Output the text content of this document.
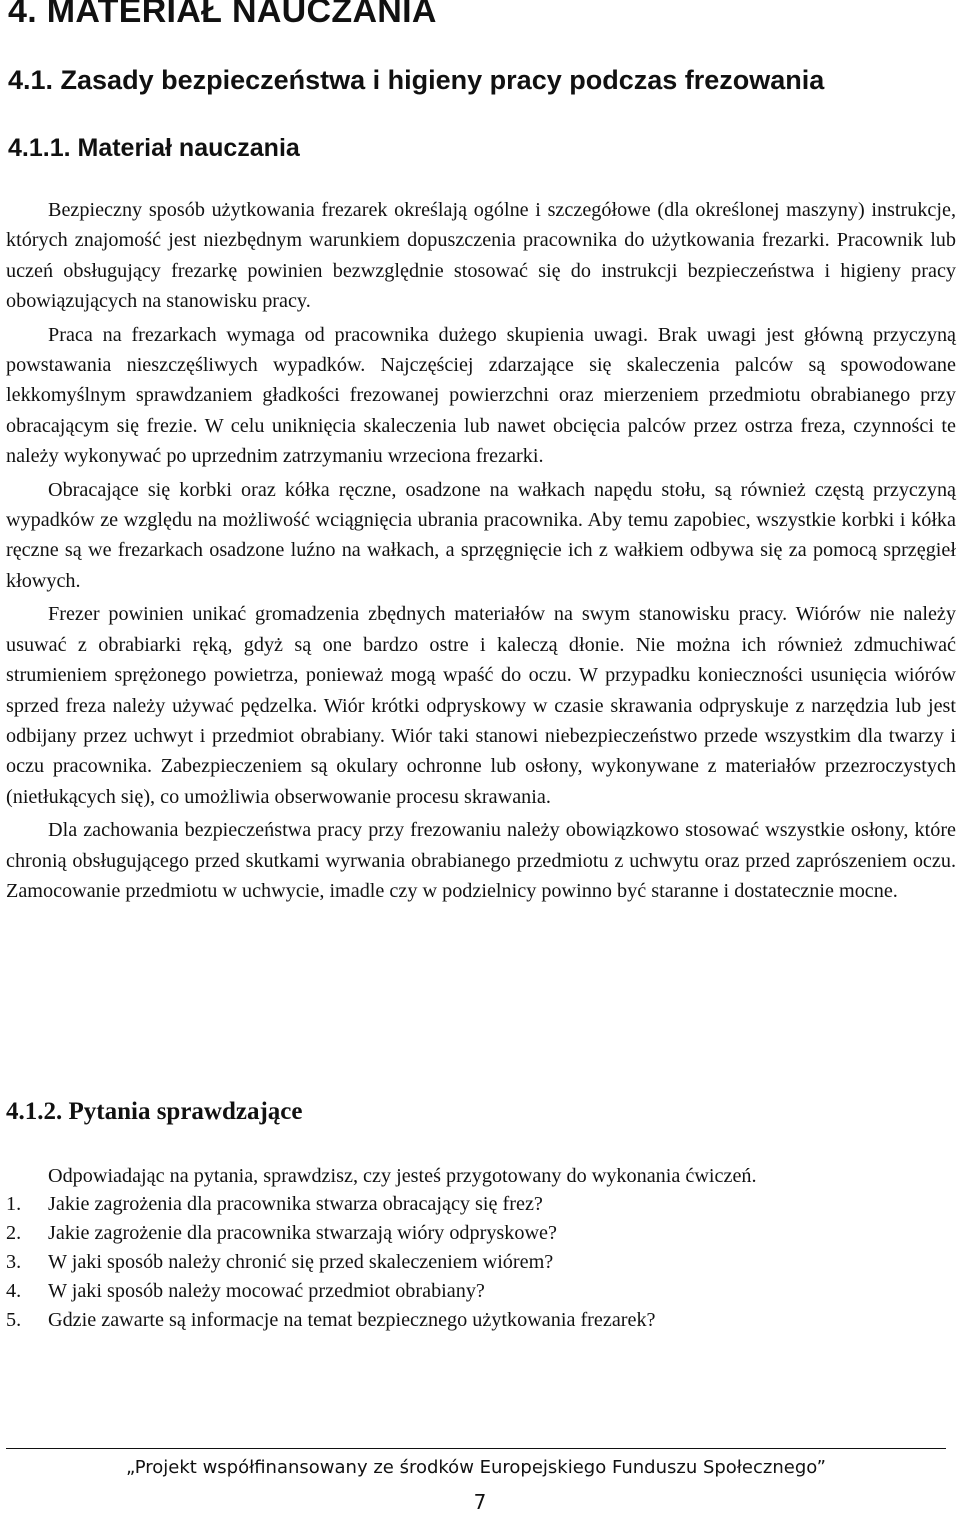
4. MATERIAŁ NAUCZANIA
4.1. Zasady bezpieczeństwa i higieny pracy podczas frezowania
4.1.1. Materiał nauczania

Bezpieczny sposób użytkowania frezarek określają ogólne i szczegółowe (dla określonej maszyny) instrukcje, których znajomość jest niezbędnym warunkiem dopuszczenia pracownika do użytkowania frezarki. Pracownik lub uczeń obsługujący frezarkę powinien bezwzględnie stosować się do instrukcji bezpieczeństwa i higieny pracy obowiązujących na stanowisku pracy.

Praca na frezarkach wymaga od pracownika dużego skupienia uwagi. Brak uwagi jest główną przyczyną powstawania nieszczęśliwych wypadków. Najczęściej zdarzające się skaleczenia palców są spowodowane lekkomyślnym sprawdzaniem gładkości frezowanej powierzchni oraz mierzeniem przedmiotu obrabianego przy obracającym się frezie. W celu uniknięcia skaleczenia lub nawet obcięcia palców przez ostrza freza, czynności te należy wykonywać po uprzednim zatrzymaniu wrzeciona frezarki.

Obracające się korbki oraz kółka ręczne, osadzone na wałkach napędu stołu, są również częstą przyczyną wypadków ze względu na możliwość wciągnięcia ubrania pracownika. Aby temu zapobiec, wszystkie korbki i kółka ręczne są we frezarkach osadzone luźno na wałkach, a sprzęgnięcie ich z wałkiem odbywa się za pomocą sprzęgieł kłowych.

Frezer powinien unikać gromadzenia zbędnych materiałów na swym stanowisku pracy. Wiórów nie należy usuwać z obrabiarki ręką, gdyż są one bardzo ostre i kaleczą dłonie. Nie można ich również zdmuchiwać strumieniem sprężonego powietrza, ponieważ mogą wpaść do oczu. W przypadku konieczności usunięcia wiórów sprzed freza należy używać pędzelka. Wiór krótki odpryskowy w czasie skrawania odpryskuje z narzędzia lub jest odbijany przez uchwyt i przedmiot obrabiany. Wiór taki stanowi niebezpieczeństwo przede wszystkim dla twarzy i oczu pracownika. Zabezpieczeniem są okulary ochronne lub osłony, wykonywane z materiałów przezroczystych (nietłukących się), co umożliwia obserwowanie procesu skrawania.

Dla zachowania bezpieczeństwa pracy przy frezowaniu należy obowiązkowo stosować wszystkie osłony, które chronią obsługującego przed skutkami wyrwania obrabianego przedmiotu z uchwytu oraz przed zaprószeniem oczu. Zamocowanie przedmiotu w uchwycie, imadle czy w podzielnicy powinno być staranne i dostatecznie mocne.

4.1.2. Pytania sprawdzające
Odpowiadając na pytania, sprawdzisz, czy jesteś przygotowany do wykonania ćwiczeń.
1. Jakie zagrożenia dla pracownika stwarza obracający się frez?
2. Jakie zagrożenie dla pracownika stwarzają wióry odpryskowe?
3. W jaki sposób należy chronić się przed skaleczeniem wiórem?
4. W jaki sposób należy mocować przedmiot obrabiany?
5. Gdzie zawarte są informacje na temat bezpiecznego użytkowania frezarek?
„Projekt współfinansowany ze środków Europejskiego Funduszu Społecznego”
7
